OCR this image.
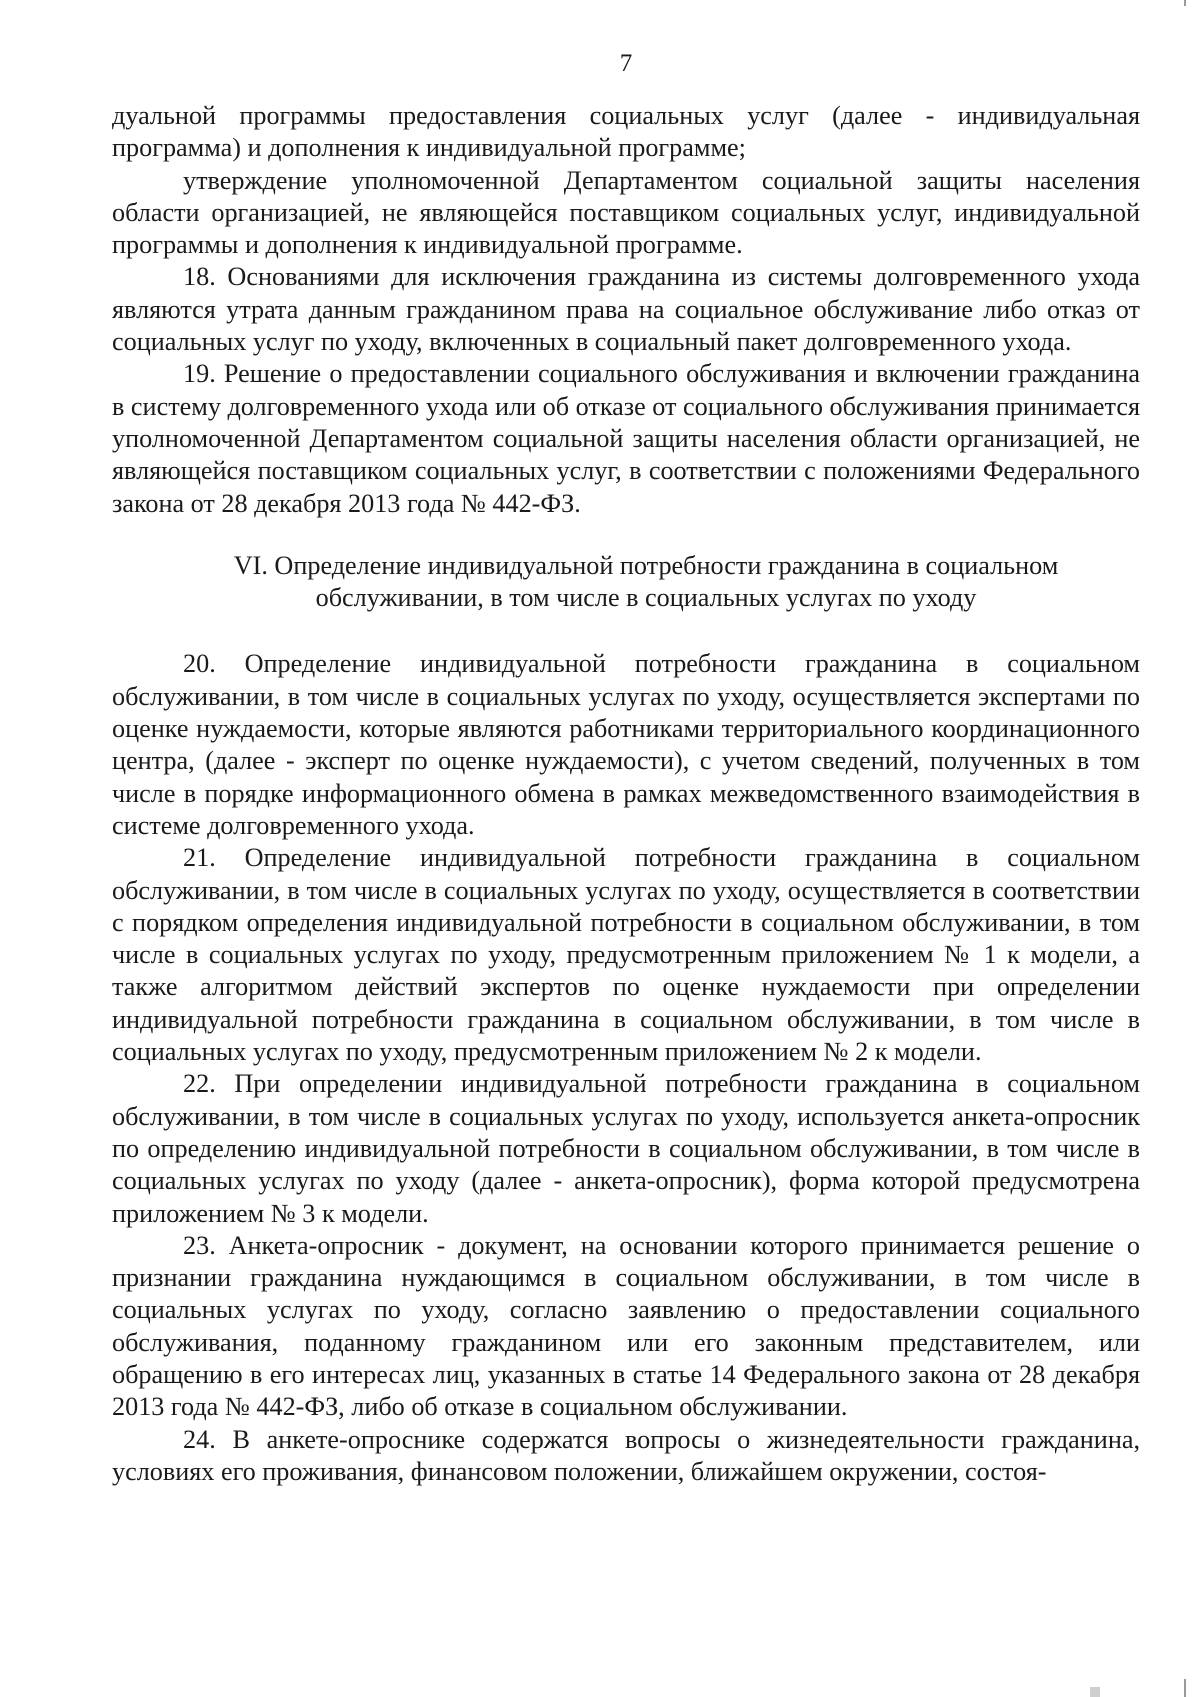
7

дуальной программы предоставления социальных услуг (далее - индивидуальная программа) и дополнения к индивидуальной программе;

утверждение уполномоченной Департаментом социальной защиты населения области организацией, не являющейся поставщиком социальных услуг, индивидуальной программы и дополнения к индивидуальной программе.

18. Основаниями для исключения гражданина из системы долговременного ухода являются утрата данным гражданином права на социальное обслуживание либо отказ от социальных услуг по уходу, включенных в социальный пакет долговременного ухода.

19. Решение о предоставлении социального обслуживания и включении гражданина в систему долговременного ухода или об отказе от социального обслуживания принимается уполномоченной Департаментом социальной защиты населения области организацией, не являющейся поставщиком социальных услуг, в соответствии с положениями Федерального закона от 28 декабря 2013 года № 442-ФЗ.

VI. Определение индивидуальной потребности гражданина в социальном обслуживании, в том числе в социальных услугах по уходу

20. Определение индивидуальной потребности гражданина в социальном обслуживании, в том числе в социальных услугах по уходу, осуществляется экспертами по оценке нуждаемости, которые являются работниками территориального координационного центра, (далее - эксперт по оценке нуждаемости), с учетом сведений, полученных в том числе в порядке информационного обмена в рамках межведомственного взаимодействия в системе долговременного ухода.

21. Определение индивидуальной потребности гражданина в социальном обслуживании, в том числе в социальных услугах по уходу, осуществляется в соответствии с порядком определения индивидуальной потребности в социальном обслуживании, в том числе в социальных услугах по уходу, предусмотренным приложением № 1 к модели, а также алгоритмом действий экспертов по оценке нуждаемости при определении индивидуальной потребности гражданина в социальном обслуживании, в том числе в социальных услугах по уходу, предусмотренным приложением № 2 к модели.

22. При определении индивидуальной потребности гражданина в социальном обслуживании, в том числе в социальных услугах по уходу, используется анкета-опросник по определению индивидуальной потребности в социальном обслуживании, в том числе в социальных услугах по уходу (далее - анкета-опросник), форма которой предусмотрена приложением № 3 к модели.

23. Анкета-опросник - документ, на основании которого принимается решение о признании гражданина нуждающимся в социальном обслуживании, в том числе в социальных услугах по уходу, согласно заявлению о предоставлении социального обслуживания, поданному гражданином или его законным представителем, или обращению в его интересах лиц, указанных в статье 14 Федерального закона от 28 декабря 2013 года № 442-ФЗ, либо об отказе в социальном обслуживании.

24. В анкете-опроснике содержатся вопросы о жизнедеятельности гражданина, условиях его проживания, финансовом положении, ближайшем окружении, состоя-
